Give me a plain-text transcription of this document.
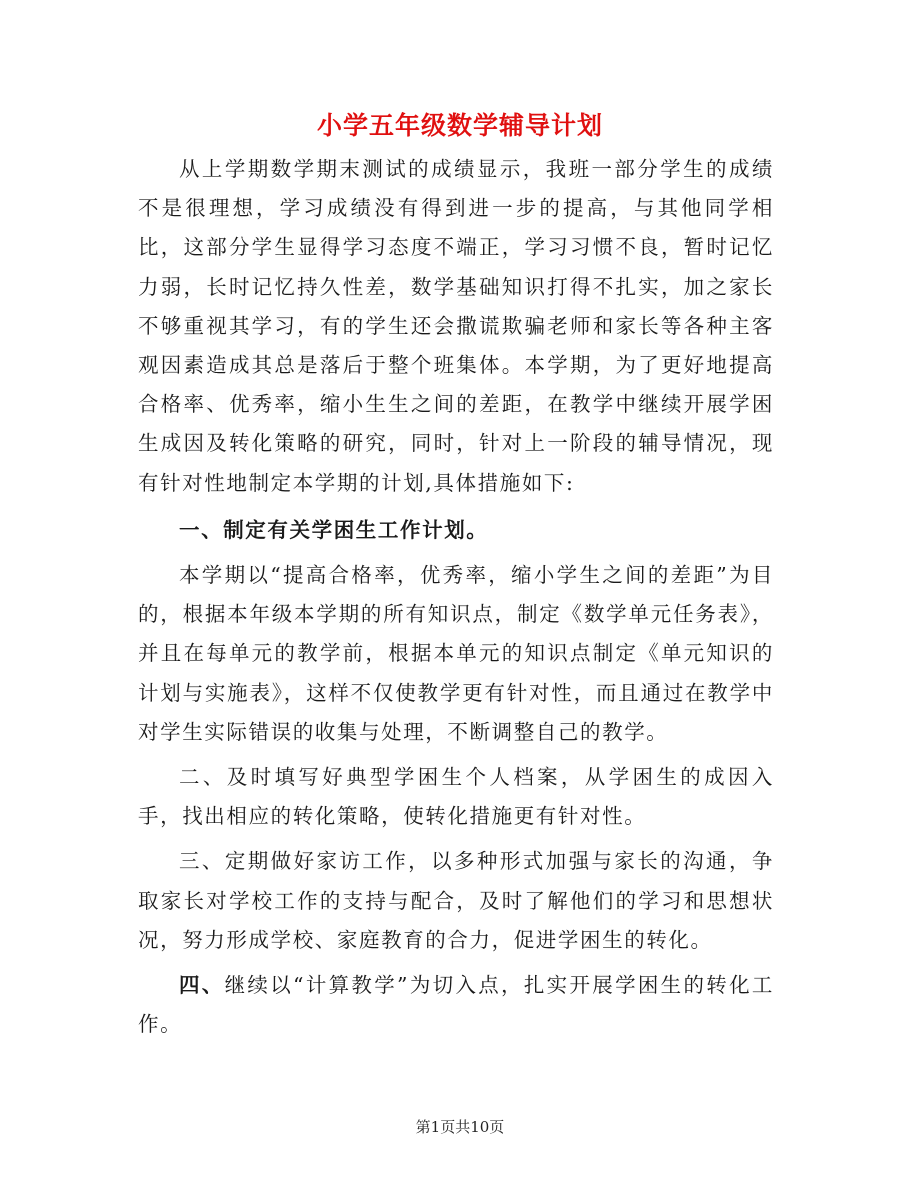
小学五年级数学辅导计划

从上学期数学期末测试的成绩显示，我班一部分学生的成绩不是很理想，学习成绩没有得到进一步的提高，与其他同学相比，这部分学生显得学习态度不端正，学习习惯不良，暂时记忆力弱，长时记忆持久性差，数学基础知识打得不扎实，加之家长不够重视其学习，有的学生还会撒谎欺骗老师和家长等各种主客观因素造成其总是落后于整个班集体。本学期，为了更好地提高合格率、优秀率，缩小生生之间的差距，在教学中继续开展学困生成因及转化策略的研究，同时，针对上一阶段的辅导情况，现有针对性地制定本学期的计划,具体措施如下:

一、制定有关学困生工作计划。

本学期以“提高合格率，优秀率，缩小学生之间的差距”为目的，根据本年级本学期的所有知识点，制定《数学单元任务表》，并且在每单元的教学前，根据本单元的知识点制定《单元知识的计划与实施表》，这样不仅使教学更有针对性，而且通过在教学中对学生实际错误的收集与处理，不断调整自己的教学。

二、及时填写好典型学困生个人档案，从学困生的成因入手，找出相应的转化策略，使转化措施更有针对性。

三、定期做好家访工作，以多种形式加强与家长的沟通，争取家长对学校工作的支持与配合，及时了解他们的学习和思想状况，努力形成学校、家庭教育的合力，促进学困生的转化。

四、继续以“计算教学”为切入点，扎实开展学困生的转化工作。

第1页共10页
